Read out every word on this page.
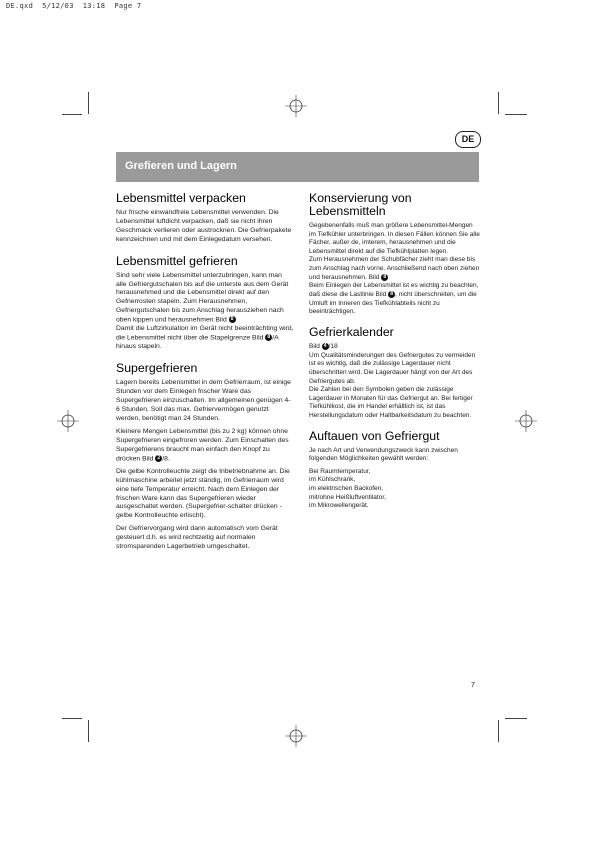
DE.qxd  5/12/03  13:18  Page 7
DE
Grefieren und Lagern
Lebensmittel verpacken

Nur frische einwandfreie Lebensmittel verwenden. Die Lebensmittel luftdicht verpacken, daß sie nicht ihren Geschmack verlieren oder austrocknen. Die Gefrierpakete kennzeichnen und mit dem Einlegedatum versehen.

Lebensmittel gefrieren

Sind sehr viele Lebensmittel unterzubringen, kann man alle Gefriergutschalen bis auf die unterste aus dem Gerät herausnehmed und die Lebensmittel direkt auf den Gefrierrosten stapeln. Zum Herausnehmen, Gefriergutschalen bis zum Anschlag herausziehen nach oben kippen und herausnehmen Bild 8
Damit die Luftzirkulation im Gerät nicht beeinträchting wird, die Lebensmittel nicht über die Stapelgrenze Bild 8 /A hinaus stapeln.

Supergefrieren

Lagern bereits Lebensmittel in dem Gefrierraum, ist einige Stunden vor dem Einlegen frischer Ware das Supergefrieren einzuschalten. Im allgemeinen genügen 4-6 Stunden. Soll das max. Gefriervermögen genutzt werden, benötigt man 24 Stunden.

Kleinere Mengen Lebensmittel (bis zu 2 kg) können ohne Supergefrieren eingefroren werden. Zum Einschalten des Supergefrierens braucht man einfach den Knopf zu drücken Bild 2 /8.

Die gelbe Kontrolleuchte zeigt die Inbetriebnahme an. Die kühlmaschine arbeitet jetzt ständig, im Gefrierraum wird eine tiefe Temperatur erreicht. Nach dem Einlegen der frischen Ware kann das Supergefrieren wieder ausgeschaltet werden. (Supergefrier-schalter drücken - gelbe Kontrolleuchte erlischt).

Der Gefriervorgang wird dann automatisch vom Gerät gesteuert d.h. es wird rechtzeitig auf normalen stromsparenden Lagerbetrieb umgeschaltet.

Konservierung von Lebensmitteln

Gegebenenfalls muß man größere Lebensmittel-Mengen im Tiefkühler unterbringen. In diesen Fällen können Sie alle Fächer, außer de, imterem, herausnehmen und die Lebensmittel direkt auf die Tiefkühlplatten legen.
Zum Herausnehmen der Schubfächer zieht man diese bis zum Anschlag nach vorne. Anschließend nach oben ziehen und herausnehmen. Bild 8
Beim Einlegen der Lebensmittel ist es wichtig zu beachten, daß diese die Lastlinie Bild 8 , nicht überschreiten, um die Umluft im Inneren des Tiefkühlabteils nicht zu beeinträchtigen.

Gefrierkalender

Bild 4 /18
Um Qualitätsminderungen des Gefriergutes zu vermeiden ist es wichtig, daß die zulässige Lagerdauer nicht überschritten wird. Die Lagerdauer hängt von der Art des Gefriergutes ab.
Die Zahlen bei den Symbolen geben die zulässige Lagerdauer in Monaten für das Gefriergut an. Bei fertiger Tiefkühlkost, die im Handel erhältlich ist, ist das Herstellungsdatum oder Haltbarkeitsdatum zu beachten.

Auftauen von Gefriergut

Je nach Art und Verwendungszweck kann zwischen folgenden Möglichkeiten gewählt werden:

Bei Raumtemperatur,
im Kühlschrank,
im elektrischen Backofen,
mit/ohne Heißluftventilator,
im Mikrowellengerät.

7
